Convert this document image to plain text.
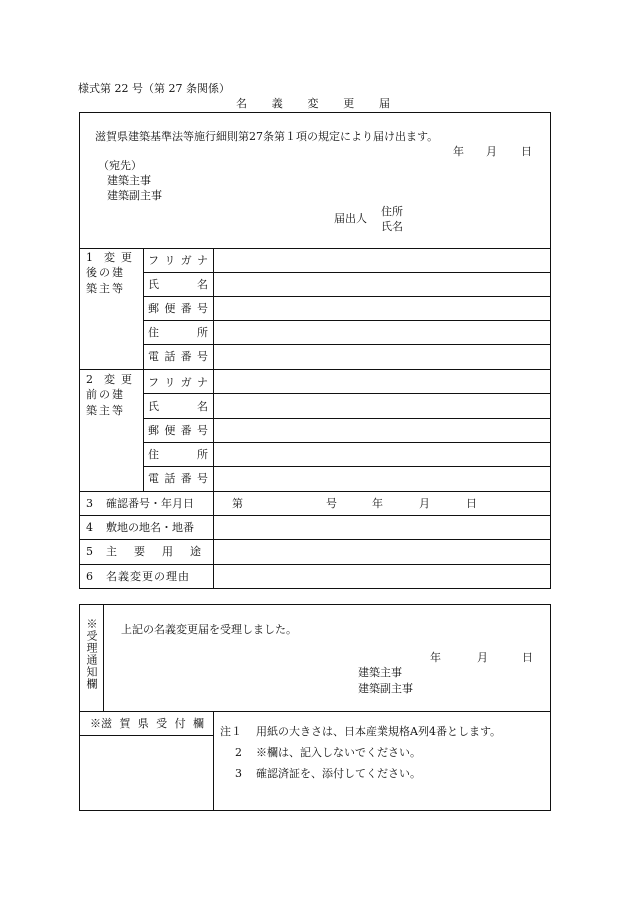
様式第 22 号（第 27 条関係）
名 義 変 更 届
滋賀県建築基準法等施行細則第27条第１項の規定により届け出ます。
年 月 日
（宛先）
建築主事
建築副主事
届出人
住所
氏名
1 変更
後の建
築主等
フ リ ガ ナ
氏	名
郵 便 番 号
住	所
電 話 番 号
2 変更
前の建
築主等
フ リ ガ ナ
氏	名
郵 便 番 号
住	所
電 話 番 号
3 確認番号・年月日	第	号	年	月	日
4 敷地の地名・地番
5 主 要 用 途
6 名義変更の理由
※受理通知欄 上記の名義変更届を受理しました。
年	月	日
建築主事
建築副主事
※滋 賀 県 受 付 欄
注１ 用紙の大きさは、日本産業規格A列4番とします。
2 ※欄は、記入しないでください。
3 確認済証を、添付してください。
